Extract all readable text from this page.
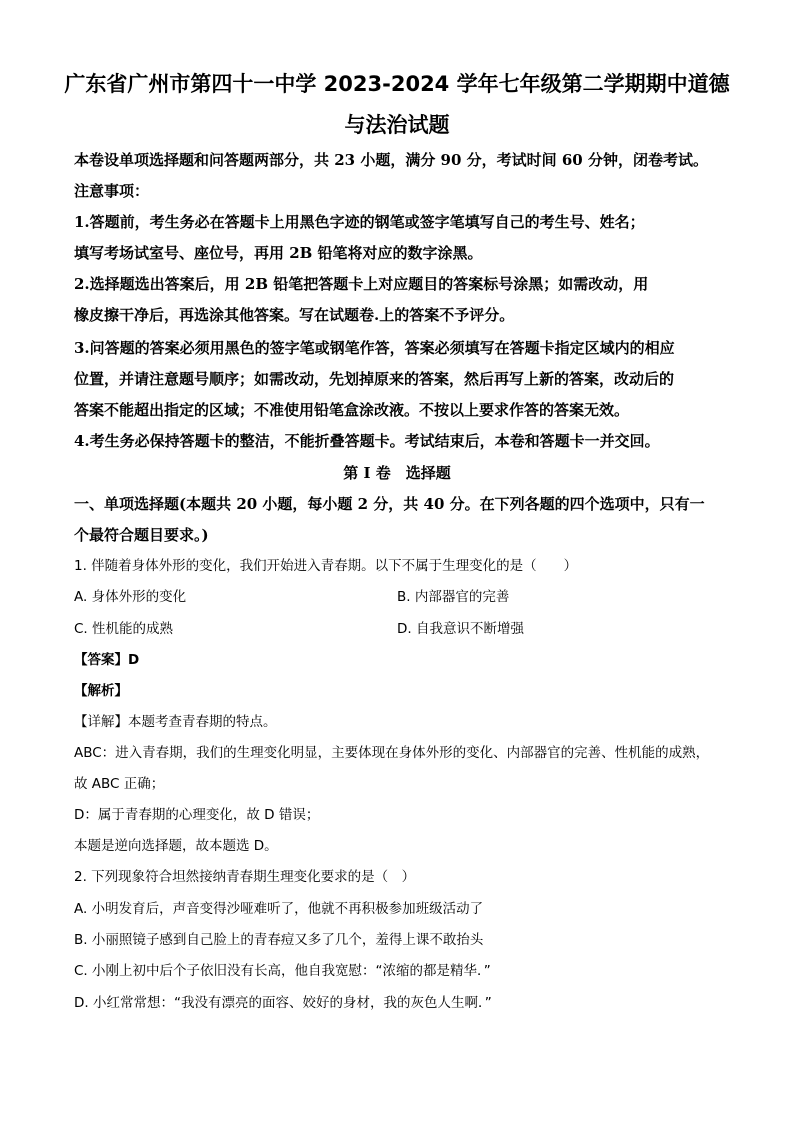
广东省广州市第四十一中学 2023-2024 学年七年级第二学期期中道德
与法治试题
本卷设单项选择题和问答题两部分，共 23 小题，满分 90 分，考试时间 60 分钟，闭卷考试。
注意事项：
1.答题前，考生务必在答题卡上用黑色字迹的钢笔或签字笔填写自己的考生号、姓名；
填写考场试室号、座位号，再用 2B 铅笔将对应的数字涂黑。
2.选择题选出答案后，用 2B 铅笔把答题卡上对应题目的答案标号涂黑；如需改动，用
橡皮擦干净后，再选涂其他答案。写在试题卷.上的答案不予评分。
3.问答题的答案必须用黑色的签字笔或钢笔作答，答案必须填写在答题卡指定区域内的相应
位置，并请注意题号顺序；如需改动，先划掉原来的答案，然后再写上新的答案，改动后的
答案不能超出指定的区域；不准使用铅笔盒涂改液。不按以上要求作答的答案无效。
4.考生务必保持答题卡的整洁，不能折叠答题卡。考试结束后，本卷和答题卡一并交回。
第 I 卷　选择题
一、单项选择题(本题共 20 小题，每小题 2 分，共 40 分。在下列各题的四个选项中，只有一
个最符合题目要求。)
1. 伴随着身体外形的变化，我们开始进入青春期。以下不属于生理变化的是（　　）
A. 身体外形的变化	B. 内部器官的完善
C. 性机能的成熟	D. 自我意识不断增强
【答案】D
【解析】
【详解】本题考查青春期的特点。
ABC：进入青春期，我们的生理变化明显，主要体现在身体外形的变化、内部器官的完善、性机能的成熟，
故 ABC 正确；
D：属于青春期的心理变化，故 D 错误；
本题是逆向选择题，故本题选 D。
2. 下列现象符合坦然接纳青春期生理变化要求的是（　）
A. 小明发育后，声音变得沙哑难听了，他就不再积极参加班级活动了
B. 小丽照镜子感到自己脸上的青春痘又多了几个，羞得上课不敢抬头
C. 小刚上初中后个子依旧没有长高，他自我宽慰：“浓缩的都是精华．”
D. 小红常常想：“我没有漂亮的面容、姣好的身材，我的灰色人生啊．”
